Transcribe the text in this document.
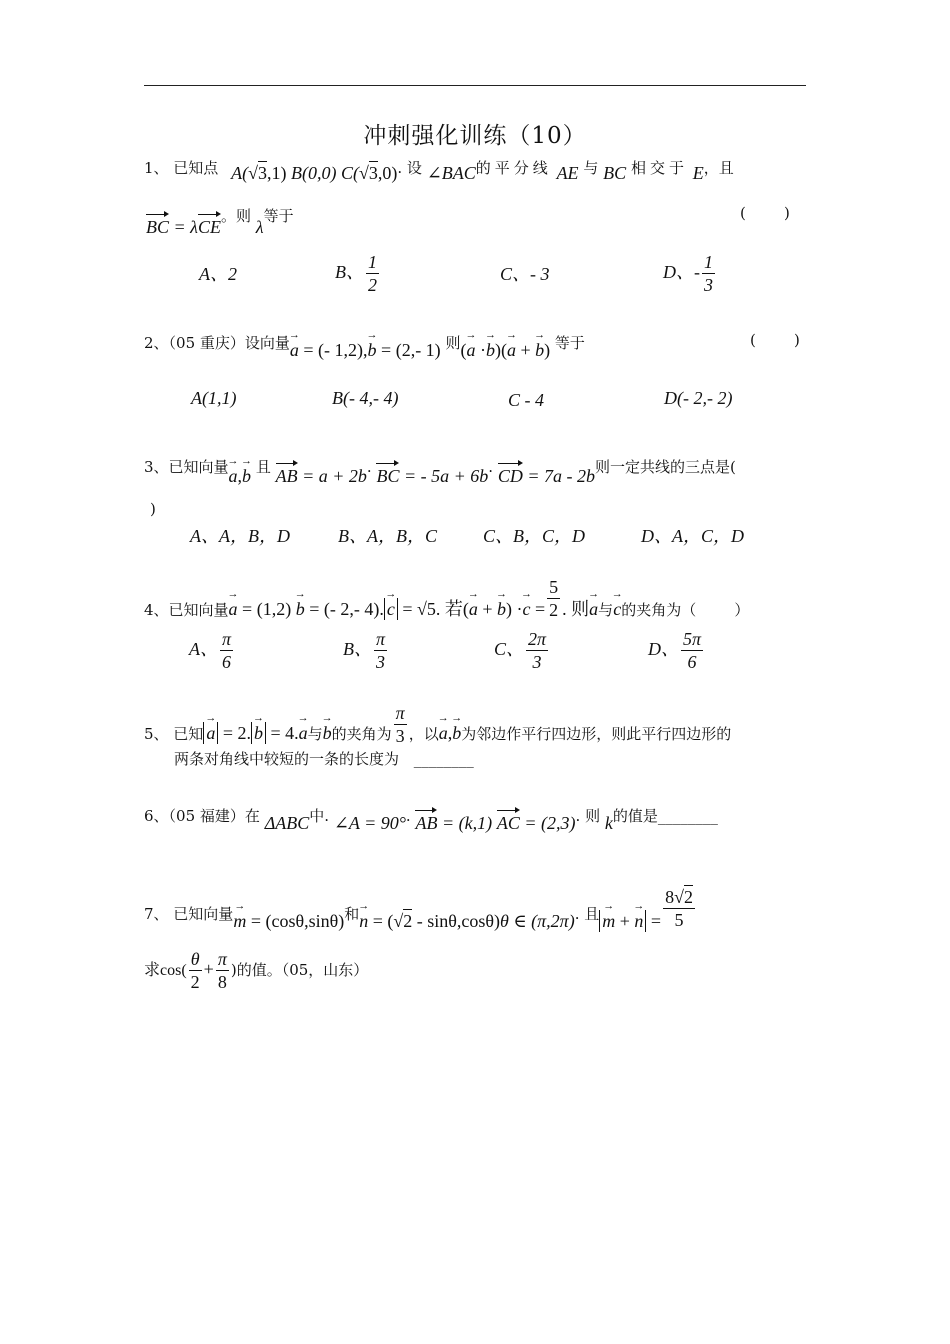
冲刺强化训练（10）
1、 已知点 A(√3,1) B(0,0) C(√3,0). 设 ∠BAC的平分线 AE 与 BC 相交于 E，且
BC = λCE。则 λ等于	(        )
A、2	B、 $\frac{1}{2}$	C、- 3	D、- $\frac{1}{3}$
2、（05 重庆）设向量→ a = (- 1,2),→ b = (2,- 1) 则(→ a ·→ b)(→ a + → b) 等于	(        )
A(1,1)	B(- 4,- 4)	C - 4	D(- 2,- 2)
3、已知向量→ a,→ b 且 AB = a + 2b. BC = - 5a + 6b. CD = 7a - 2b则一定共线的三点是(
)
A、A，B，D	B、A，B，C	C、B，C，D	D、A，C，D
4、已知向量→ a = (1,2) → b = (- 2,- 4). → c = √5. 若(→ a + → $b) \cdot\to c = \frac{5}{2}$ . 则→ a与→ c的夹角为（        ）
A、 $\frac{\pi}{6}$	B、 $\frac{\pi}{3}$	C、 $\frac{2\pi}{3}$	D、 $\frac{5\pi}{6}$
5、 已知 → a = 2. → b = 4.→ a与→ b的夹角为 $\frac{\pi}{3}$ ，以→ a,→ b为邻边作平行四边形，则此平行四边形的
两条对角线中较短的一条的长度为 ________
6、（05 福建）在 ΔABC中. ∠A = 90°. AB = (k,1) AC = (2,3). 则 k的值是________
7、 已知向量→ m = (cosθ,sinθ)和→ n = (√2 - sinθ,cosθ)θ ∈ (π,2π). 且 → m + → $n = \frac{8√2}{5}$
求$\cos( \frac{\theta}{2} + \frac{\pi}{8}$ )的值。（05，山东）
